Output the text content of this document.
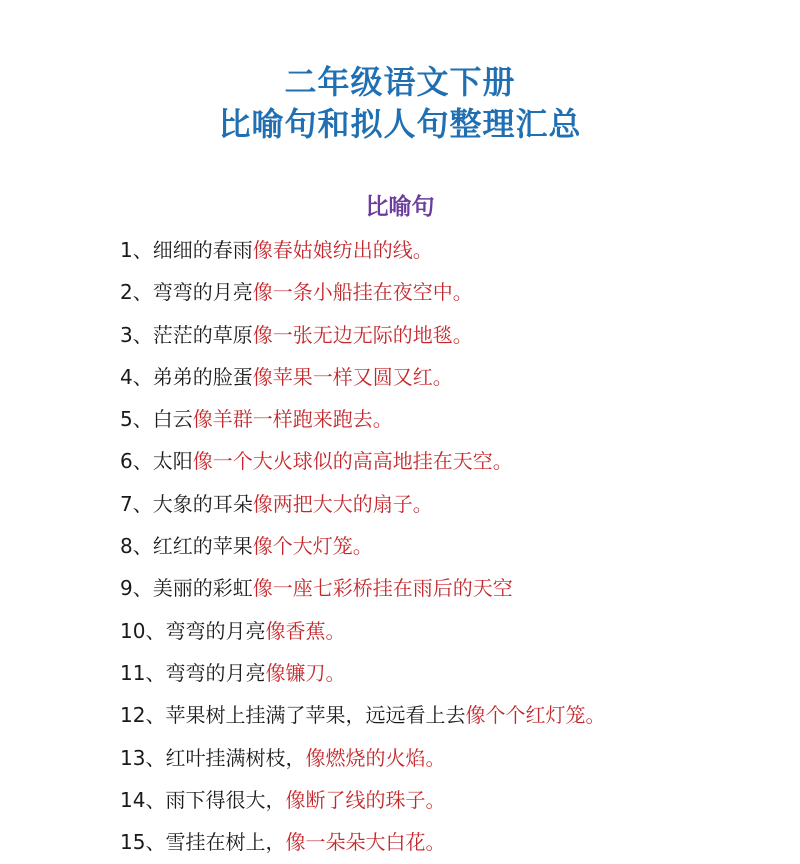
二年级语文下册
比喻句和拟人句整理汇总
比喻句
1、细细的春雨像春姑娘纺出的线。
2、弯弯的月亮像一条小船挂在夜空中。
3、茫茫的草原像一张无边无际的地毯。
4、弟弟的脸蛋像苹果一样又圆又红。
5、白云像羊群一样跑来跑去。
6、太阳像一个大火球似的高高地挂在天空。
7、大象的耳朵像两把大大的扇子。
8、红红的苹果像个大灯笼。
9、美丽的彩虹像一座七彩桥挂在雨后的天空
10、弯弯的月亮像香蕉。
11、弯弯的月亮像镰刀。
12、苹果树上挂满了苹果，远远看上去像个个红灯笼。
13、红叶挂满树枝，像燃烧的火焰。
14、雨下得很大，像断了线的珠子。
15、雪挂在树上，像一朵朵大白花。
